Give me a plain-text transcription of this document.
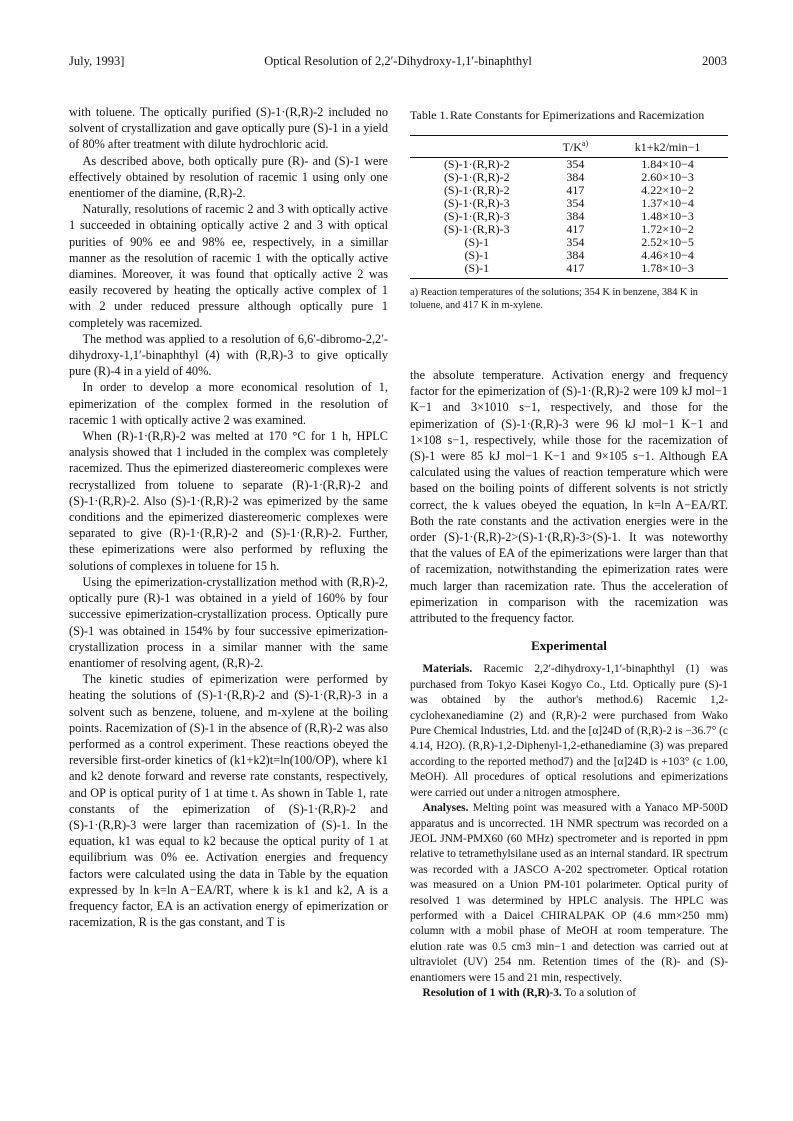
July, 1993]	Optical Resolution of 2,2′-Dihydroxy-1,1′-binaphthyl	2003

with toluene. The optically purified (S)-1·(R,R)-2 included no solvent of crystallization and gave optically pure (S)-1 in a yield of 80% after treatment with dilute hydrochloric acid.

As described above, both optically pure (R)- and (S)-1 were effectively obtained by resolution of racemic 1 using only one enentiomer of the diamine, (R,R)-2.

Naturally, resolutions of racemic 2 and 3 with optically active 1 succeeded in obtaining optically active 2 and 3 with optical purities of 90% ee and 98% ee, respectively, in a simillar manner as the resolution of racemic 1 with the optically active diamines. Moreover, it was found that optically active 2 was easily recovered by heating the optically active complex of 1 with 2 under reduced pressure although optically pure 1 completely was racemized.

The method was applied to a resolution of 6,6′-dibromo-2,2′-dihydroxy-1,1′-binaphthyl (4) with (R,R)-3 to give optically pure (R)-4 in a yield of 40%.

In order to develop a more economical resolution of 1, epimerization of the complex formed in the resolution of racemic 1 with optically active 2 was examined.

When (R)-1·(R,R)-2 was melted at 170 °C for 1 h, HPLC analysis showed that 1 included in the complex was completely racemized. Thus the epimerized diastereomeric complexes were recrystallized from toluene to separate (R)-1·(R,R)-2 and (S)-1·(R,R)-2. Also (S)-1·(R,R)-2 was epimerized by the same conditions and the epimerized diastereomeric complexes were separated to give (R)-1·(R,R)-2 and (S)-1·(R,R)-2. Further, these epimerizations were also performed by refluxing the solutions of complexes in toluene for 15 h.

Using the epimerization-crystallization method with (R,R)-2, optically pure (R)-1 was obtained in a yield of 160% by four successive epimerization-crystallization process. Optically pure (S)-1 was obtained in 154% by four successive epimerization-crystallization process in a similar manner with the same enantiomer of resolving agent, (R,R)-2.

The kinetic studies of epimerization were performed by heating the solutions of (S)-1·(R,R)-2 and (S)-1·(R,R)-3 in a solvent such as benzene, toluene, and m-xylene at the boiling points. Racemization of (S)-1 in the absence of (R,R)-2 was also performed as a control experiment. These reactions obeyed the reversible first-order kinetics of (k1+k2)t=ln(100/OP), where k1 and k2 denote forward and reverse rate constants, respectively, and OP is optical purity of 1 at time t. As shown in Table 1, rate constants of the epimerization of (S)-1·(R,R)-2 and (S)-1·(R,R)-3 were larger than racemization of (S)-1. In the equation, k1 was equal to k2 because the optical purity of 1 at equilibrium was 0% ee. Activation energies and frequency factors were calculated using the data in Table by the equation expressed by ln k=ln A−EA/RT, where k is k1 and k2, A is a frequency factor, EA is an activation energy of epimerization or racemization, R is the gas constant, and T is

Table 1. Rate Constants for Epimerizations and Racemization
	$T/K^{a)}$	k1+k2/min−1
(S)-1·(R,R)-2	354	1.84×10−4
(S)-1·(R,R)-2	384	2.60×10−3
(S)-1·(R,R)-2	417	4.22×10−2
(S)-1·(R,R)-3	354	1.37×10−4
(S)-1·(R,R)-3	384	1.48×10−3
(S)-1·(R,R)-3	417	1.72×10−2
(S)-1	354	2.52×10−5
(S)-1	384	4.46×10−4
(S)-1	417	1.78×10−3
a) Reaction temperatures of the solutions; 354 K in benzene, 384 K in toluene, and 417 K in m-xylene.

the absolute temperature. Activation energy and frequency factor for the epimerization of (S)-1·(R,R)-2 were 109 kJ mol−1 K−1 and 3×1010 s−1, respectively, and those for the epimerization of (S)-1·(R,R)-3 were 96 kJ mol−1 K−1 and 1×108 s−1, respectively, while those for the racemization of (S)-1 were 85 kJ mol−1 K−1 and 9×105 s−1. Although EA calculated using the values of reaction temperature which were based on the boiling points of different solvents is not strictly correct, the k values obeyed the equation, ln k=ln A−EA/RT. Both the rate constants and the activation energies were in the order (S)-1·(R,R)-2>(S)-1·(R,R)-3>(S)-1. It was noteworthy that the values of EA of the epimerizations were larger than that of racemization, notwithstanding the epimerization rates were much larger than racemization rate. Thus the acceleration of epimerization in comparison with the racemization was attributed to the frequency factor.

Experimental

Materials. Racemic 2,2′-dihydroxy-1,1′-binaphthyl (1) was purchased from Tokyo Kasei Kogyo Co., Ltd. Optically pure (S)-1 was obtained by the author's method.6) Racemic 1,2-cyclohexanediamine (2) and (R,R)-2 were purchased from Wako Pure Chemical Industries, Ltd. and the [α]24D of (R,R)-2 is −36.7° (c 4.14, H2O). (R,R)-1,2-Diphenyl-1,2-ethanediamine (3) was prepared according to the reported method7) and the [α]24D is +103° (c 1.00, MeOH). All procedures of optical resolutions and epimerizations were carried out under a nitrogen atmosphere.

Analyses. Melting point was measured with a Yanaco MP-500D apparatus and is uncorrected. 1H NMR spectrum was recorded on a JEOL JNM-PMX60 (60 MHz) spectrometer and is reported in ppm relative to tetramethylsilane used as an internal standard. IR spectrum was recorded with a JASCO A-202 spectrometer. Optical rotation was measured on a Union PM-101 polarimeter. Optical purity of resolved 1 was determined by HPLC analysis. The HPLC was performed with a Daicel CHIRALPAK OP (4.6 mm×250 mm) column with a mobil phase of MeOH at room temperature. The elution rate was 0.5 cm3 min−1 and detection was carried out at ultraviolet (UV) 254 nm. Retention times of the (R)- and (S)-enantiomers were 15 and 21 min, respectively.

Resolution of 1 with (R,R)-3. To a solution of
